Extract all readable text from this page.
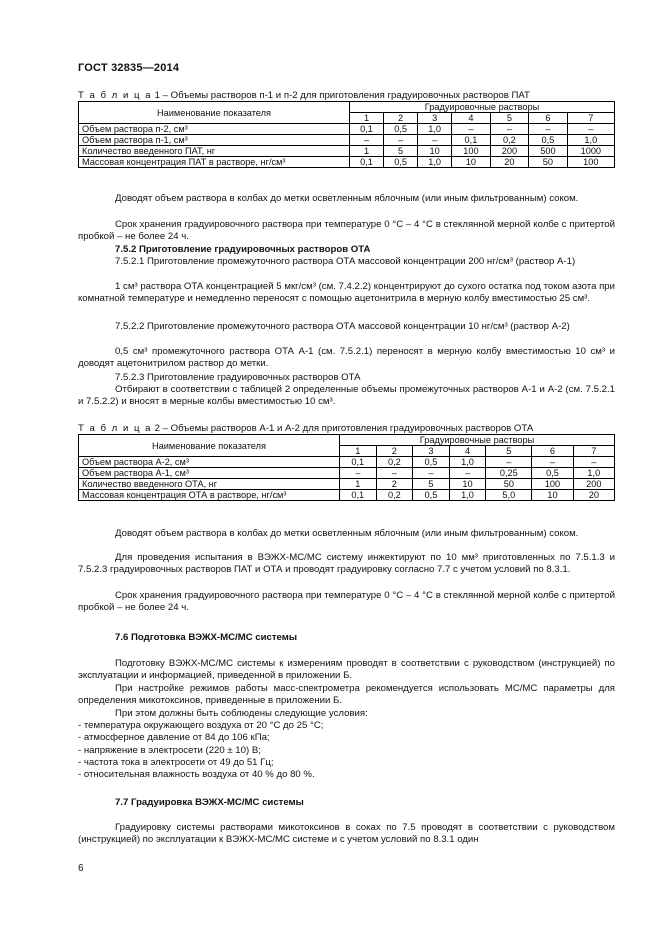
ГОСТ 32835—2014
Т а б л и ц а 1 – Объемы растворов п-1 и п-2 для приготовления градуировочных растворов ПАТ
Наименование показателя	Градуировочные растворы						
	1	2	3	4	5	6	7
Объем раствора п-2, см³	0,1	0,5	1,0	–	–	–	–
Объем раствора п-1, см³	–	–	–	0,1	0,2	0,5	1,0
Количество введенного ПАТ, нг	1	5	10	100	200	500	1000
Массовая концентрация ПАТ в растворе, нг/см³	0,1	0,5	1,0	10	20	50	100

Доводят объем раствора в колбах до метки осветленным яблочным (или иным фильтрованным) соком.

Срок хранения градуировочного раствора при температуре 0 °С – 4 °С в стеклянной мерной колбе с притертой пробкой – не более 24 ч.

7.5.2 Приготовление градуировочных растворов ОТА

7.5.2.1 Приготовление промежуточного раствора ОТА массовой концентрации 200 нг/см³ (раствор А-1)

1 см³ раствора ОТА концентрацией 5 мкг/см³ (см. 7.4.2.2) концентрируют до сухого остатка под током азота при комнатной температуре и немедленно переносят с помощью ацетонитрила в мерную колбу вместимостью 25 см³.

7.5.2.2 Приготовление промежуточного раствора ОТА массовой концентрации 10 нг/см³ (раствор А-2)

0,5 см³ промежуточного раствора ОТА А-1 (см. 7.5.2.1) переносят в мерную колбу вместимостью 10 см³ и доводят ацетонитрилом раствор до метки.

7.5.2.3 Приготовление градуировочных растворов ОТА

Отбирают в соответствии с таблицей 2 определенные объемы промежуточных растворов А-1 и А-2 (см. 7.5.2.1 и 7.5.2.2) и вносят в мерные колбы вместимостью 10 см³.

Т а б л и ц а 2 – Объемы растворов А-1 и А-2 для приготовления градуировочных растворов ОТА
Наименование показателя	Градуировочные растворы						
	1	2	3	4	5	6	7
Объем раствора А-2, см³	0,1	0,2	0,5	1,0	–	–	–
Объем раствора А-1, см³	–	–	–	–	0,25	0,5	1,0
Количество введенного ОТА, нг	1	2	5	10	50	100	200
Массовая концентрация ОТА в растворе, нг/см³	0,1	0,2	0,5	1,0	5,0	10	20

Доводят объем раствора в колбах до метки осветленным яблочным (или иным фильтрованным) соком.

Для проведения испытания в ВЭЖХ-МС/МС систему инжектируют по 10 мм³ приготовленных по 7.5.1.3 и 7.5.2.3 градуировочных растворов ПАТ и ОТА и проводят градуировку согласно 7.7 с учетом условий по 8.3.1.

Срок хранения градуировочного раствора при температуре 0 °С – 4 °С в стеклянной мерной колбе с притертой пробкой – не более 24 ч.

7.6 Подготовка ВЭЖХ-МС/МС системы

Подготовку ВЭЖХ-МС/МС системы к измерениям проводят в соответствии с руководством (инструкцией) по эксплуатации и информацией, приведенной в приложении Б.

При настройке режимов работы масс-спектрометра рекомендуется использовать МС/МС параметры для определения микотоксинов, приведенные в приложении Б.

При этом должны быть соблюдены следующие условия:

- температура окружающего воздуха от 20 °С до 25 °С;
- атмосферное давление от 84 до 106 кПа;
- напряжение в электросети (220 ± 10) В;
- частота тока в электросети от 49 до 51 Гц;
- относительная влажность воздуха от 40 % до 80 %.

7.7 Градуировка ВЭЖХ-МС/МС системы

Градуировку системы растворами микотоксинов в соках по 7.5 проводят в соответствии с руководством (инструкцией) по эксплуатации к ВЭЖХ-МС/МС системе и с учетом условий по 8.3.1 один

6
